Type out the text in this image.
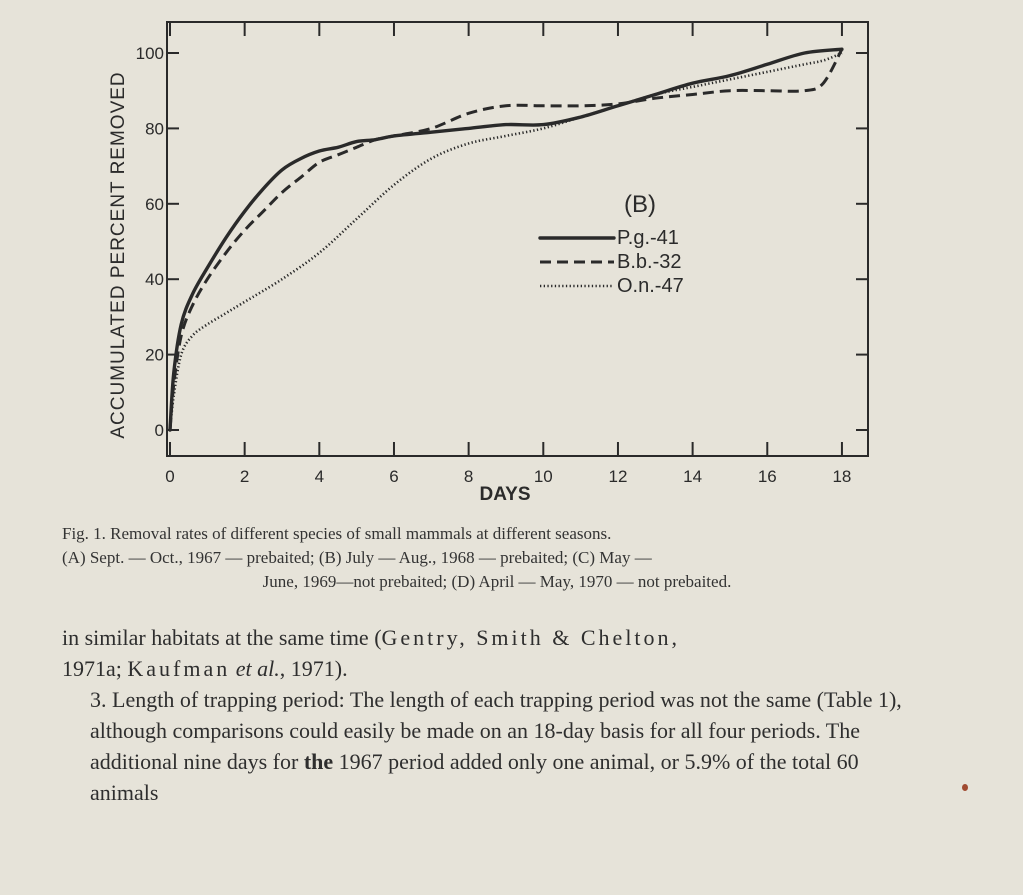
0	2	4	6	8	10	12	14	16	18
0
20
40
60
80
100
DAYS
ACCUMULATED PERCENT REMOVED	(B)
P.g.-41
B.b.-32
O.n.-47
Fig. 1. Removal rates of different species of small mammals at different seasons.
(A) Sept. — Oct., 1967 — prebaited; (B) July — Aug., 1968 — prebaited; (C) May —
June, 1969—not prebaited; (D) April — May, 1970 — not prebaited.
in similar habitats at the same time (Gentry, Smith & Chelton,
1971a; Kaufman et al., 1971).
3. Length of trapping period: The length of each trapping period was not the same (Table 1), although comparisons could easily be made on an 18-day basis for all four periods. The additional nine days for the 1967 period added only one animal, or 5.9% of the total 60 animals
